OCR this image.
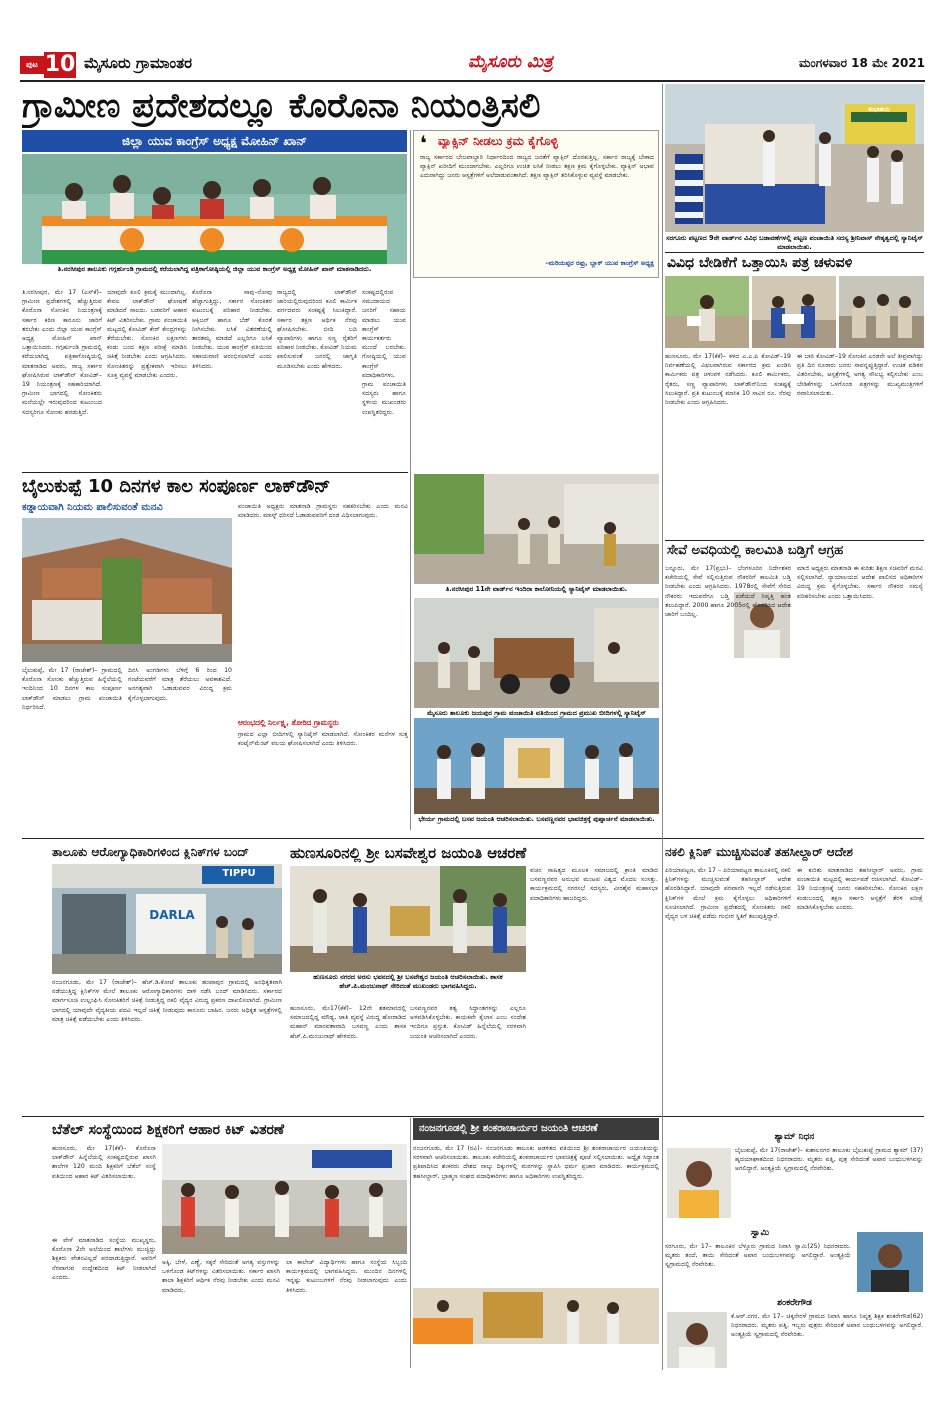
ಪುಟ 10 ಮೈಸೂರು ಗ್ರಾಮಾಂತರ	ಮೈಸೂರು ಮಿತ್ರ	ಮಂಗಳವಾರ 18 ಮೇ 2021
ಗ್ರಾಮೀಣ ಪ್ರದೇಶದಲ್ಲೂ ಕೊರೊನಾ ನಿಯಂತ್ರಿಸಲಿ
ಜಿಲ್ಲಾ ಯುವ ಕಾಂಗ್ರೆಸ್ ಅಧ್ಯಕ್ಷ ಮೋಹಿನ್ ಖಾನ್
ತಿ.ನರಸೀಪುರ ತಾಲೂಕು ಗಗ್ಗರ್ಹುಂಡಿ ಗ್ರಾಮದಲ್ಲಿ ಕರೆಯಲಾಗಿದ್ದ ಪತ್ರಿಕಾಗೋಷ್ಠಿಯಲ್ಲಿ ಜಿಲ್ಲಾ ಯುವ ಕಾಂಗ್ರೆಸ್ ಅಧ್ಯಕ್ಷ ಮೋಹಿನ್ ಖಾನ್ ಮಾತನಾಡಿದರು.
ತಿ.ನರಸೀಪುರ, ಮೇ 17 (ಎಸ್‌ಕೆ)– ಗ್ರಾಮೀಣ ಪ್ರದೇಶಗಳಲ್ಲಿ ಹೆಚ್ಚುತ್ತಿರುವ ಕೊರೊನಾ ಸೋಂಕಿನ ನಿಯಂತ್ರಣಕ್ಕೆ ಸರ್ಕಾರ ಕಠಿಣ ಕಾನೂನು ಜಾರಿಗೆ ತರಬೇಕು ಎಂದು ಜಿಲ್ಲಾ ಯುವ ಕಾಂಗ್ರೆಸ್ ಅಧ್ಯಕ್ಷ ಮೋಹಿನ್ ಖಾನ್ ಒತ್ತಾಯಿಸಿದರು. ಗಗ್ಗರ್ಹುಂಡಿ ಗ್ರಾಮದಲ್ಲಿ ಕರೆಯಲಾಗಿದ್ದ ಪತ್ರಿಕಾಗೋಷ್ಠಿಯಲ್ಲಿ ಮಾತನಾಡಿದ ಅವರು, ರಾಜ್ಯ ಸರ್ಕಾರ ಘೋಷಿಸಿರುವ ಲಾಕ್‌ಡೌನ್ ಕೋವಿಡ್–19 ನಿಯಂತ್ರಣಕ್ಕೆ ಸಹಕಾರಿಯಾಗಿದೆ. ಗ್ರಾಮೀಣ ಭಾಗದಲ್ಲಿ ಸೋಂಕಿತರು ಮನೆಯಲ್ಲೇ ಇರುವುದರಿಂದ ಕುಟುಂಬದ ಸದಸ್ಯರಿಗೂ ಸೋಂಕು ಹರಡುತ್ತಿದೆ.
ಯಾವುದೇ ಕೂಲಿ ಕ್ರಮಕ್ಕೆ ಮುಂದಾಗಿಲ್ಲ. ಕೇವಲ ಲಾಕ್‌ಡೌನ್ ಘೋಷಣೆ ಮಾಡಿದರೆ ಸಾಲದು. ಬಡವರಿಗೆ ಆಹಾರ ಕಿಟ್ ವಿತರಿಸಬೇಕು. ಗ್ರಾಮ ಪಂಚಾಯಿತಿ ಮಟ್ಟದಲ್ಲಿ ಕೋವಿಡ್ ಕೇರ್ ಕೇಂದ್ರಗಳನ್ನು ತೆರೆಯಬೇಕು. ಸೋಂಕಿನ ಲಕ್ಷಣಗಳು ಕಂಡು ಬಂದ ತಕ್ಷಣ ಪರೀಕ್ಷೆ ಮಾಡಿಸಿ ಚಿಕಿತ್ಸೆ ನೀಡಬೇಕು ಎಂದು ಆಗ್ರಹಿಸಿದರು. ಸೋಂಕಿತರನ್ನು ಪ್ರತ್ಯೇಕವಾಗಿ ಇರಿಸಲು ಸೂಕ್ತ ವ್ಯವಸ್ಥೆ ಮಾಡಬೇಕು ಎಂದರು.
ಕೊರೊನಾ ಸಾವು–ನೋವು ಹೆಚ್ಚಾಗುತ್ತಿದ್ದು, ಸರ್ಕಾರ ಸೋಂಕಿತರ ಕುಟುಂಬಕ್ಕೆ ಪರಿಹಾರ ನೀಡಬೇಕು. ಆಕ್ಸಿಜನ್ ಹಾಗೂ ಬೆಡ್ ಕೊರತೆ ನೀಗಿಸಬೇಕು. ಲಸಿಕೆ ವಿತರಣೆಯಲ್ಲಿ ತಾರತಮ್ಯ ಮಾಡದೆ ಎಲ್ಲರಿಗೂ ಲಸಿಕೆ ನೀಡಬೇಕು. ಯುವ ಕಾಂಗ್ರೆಸ್ ವತಿಯಿಂದ ಸಹಾಯವಾಣಿ ಆರಂಭಿಸಲಾಗಿದೆ ಎಂದು ತಿಳಿಸಿದರು.
ರಾಜ್ಯದಲ್ಲಿ ಲಾಕ್‌ಡೌನ್ ಜಾರಿಯಲ್ಲಿರುವುದರಿಂದ ಕೂಲಿ ಕಾರ್ಮಿಕ ವರ್ಗದವರು ಸಂಕಷ್ಟಕ್ಕೆ ಸಿಲುಕಿದ್ದಾರೆ. ಸರ್ಕಾರ ತಕ್ಷಣ ಆರ್ಥಿಕ ನೆರವು ಘೋಷಿಸಬೇಕು. ಬೀದಿ ಬದಿ ವ್ಯಾಪಾರಿಗಳು ಹಾಗೂ ಸಣ್ಣ ರೈತರಿಗೆ ಪರಿಹಾರ ನೀಡಬೇಕು. ಕೋವಿಡ್ ನಿಯಮ ಪಾಲಿಸುವಂತೆ ಜನರಲ್ಲಿ ಜಾಗೃತಿ ಮೂಡಿಸಬೇಕು ಎಂದು ಹೇಳಿದರು.
ಸಂಕಷ್ಟದಲ್ಲಿರುವ ಸಮುದಾಯದ ಜನರಿಗೆ ಸಹಾಯ ಮಾಡಲು ಯುವ ಕಾಂಗ್ರೆಸ್ ಕಾರ್ಯಕರ್ತರು ಮುಂದೆ ಬರಬೇಕು. ಗೋಷ್ಠಿಯಲ್ಲಿ ಯುವ ಕಾಂಗ್ರೆಸ್ ಪದಾಧಿಕಾರಿಗಳು, ಗ್ರಾಮ ಪಂಚಾಯಿತಿ ಸದಸ್ಯರು ಹಾಗೂ ಸ್ಥಳೀಯ ಮುಖಂಡರು ಉಪಸ್ಥಿತರಿದ್ದರು.
❛ ವ್ಯಾಕ್ಸಿನ್ ನೀಡಲು ಕ್ರಮ ಕೈಗೊಳ್ಳಿ
ರಾಜ್ಯ ಸರ್ಕಾರದ ಬೇಜವಾಬ್ದಾರಿ ನಿರ್ಧಾರದಿಂದ ರಾಜ್ಯದ ಜನತೆಗೆ ವ್ಯಾಕ್ಸಿನ್ ದೊರಕುತ್ತಿಲ್ಲ. ಸರ್ಕಾರ ರಾಜ್ಯಕ್ಕೆ ಬೇಕಾದ ವ್ಯಾಕ್ಸಿನ್ ಖರೀದಿಗೆ ಮುಂದಾಗಬೇಕು. ಎಲ್ಲರಿಗೂ ಉಚಿತ ಲಸಿಕೆ ನೀಡಲು ತಕ್ಷಣ ಕ್ರಮ ಕೈಗೊಳ್ಳಬೇಕು. ವ್ಯಾಕ್ಸಿನ್ ಅಭಾವ ಎದುರಾಗಿದ್ದು ಜನರು ಆಸ್ಪತ್ರೆಗಳಿಗೆ ಅಲೆದಾಡುವಂತಾಗಿದೆ. ತಕ್ಷಣ ವ್ಯಾಕ್ಸಿನ್ ತರಿಸಿಕೊಳ್ಳುವ ವ್ಯವಸ್ಥೆ ಮಾಡಬೇಕು.
–ಮರಿಯಪ್ಪರ ರಫ್ರು, ಬ್ಲಾಕ್ ಯುವ ಕಾಂಗ್ರೆಸ್ ಅಧ್ಯಕ್ಷ
ಶುಭಾಶಯ
ಸರಗೂರು ಪಟ್ಟಣದ 9ನೇ ವಾರ್ಡ್‌ನ ವಿವಿಧ ಬಡಾವಣೆಗಳಲ್ಲಿ ಪಟ್ಟಣ ಪಂಚಾಯಿತಿ ಸದಸ್ಯ ಶ್ರೀನಿವಾಸ್ ನೇತೃತ್ವದಲ್ಲಿ ಸ್ಯಾನಿಟೈಸ್ ಮಾಡಲಾಯಿತು.
ವಿವಿಧ ಬೇಡಿಕೆಗೆ ಒತ್ತಾಯಿಸಿ ಪತ್ರ ಚಳುವಳಿ
ಹುಣಸೂರು, ಮೇ 17(ಕೆಕೆ)– ಕಳದ ಎ.ಎ.ಪಿ ಕೋವಿಡ್–19 ನಿರ್ವಹಣೆಯಲ್ಲಿ ವಿಫಲವಾಗಿರುವ ಸರ್ಕಾರದ ಕ್ರಮ ಖಂಡಿಸಿ ಕಾರ್ಮಿಕರು ಪತ್ರ ಚಳುವಳಿ ನಡೆಸಿದರು. ಕೂಲಿ ಕಾರ್ಮಿಕರು, ರೈತರು, ಸಣ್ಣ ವ್ಯಾಪಾರಿಗಳು ಲಾಕ್‌ಡೌನ್‌ನಿಂದ ಸಂಕಷ್ಟಕ್ಕೆ ಸಿಲುಕಿದ್ದಾರೆ. ಪ್ರತಿ ಕುಟುಂಬಕ್ಕೆ ಮಾಸಿಕ 10 ಸಾವಿರ ರೂ. ನೆರವು ನೀಡಬೇಕು ಎಂದು ಆಗ್ರಹಿಸಿದರು.
ಈ ಬಾರಿ ಕೋವಿಡ್–19 ಸೋಂಕಿನ ಎರಡನೇ ಅಲೆ ತೀವ್ರವಾಗಿದ್ದು ಪ್ರತಿ ದಿನ ನೂರಾರು ಜನರು ಸಾವನ್ನಪ್ಪುತ್ತಿದ್ದಾರೆ. ಉಚಿತ ಪಡಿತರ ವಿತರಿಸಬೇಕು, ಆಸ್ಪತ್ರೆಗಳಲ್ಲಿ ಅಗತ್ಯ ಸೌಲಭ್ಯ ಕಲ್ಪಿಸಬೇಕು ಎಂಬ ಬೇಡಿಕೆಗಳನ್ನು ಒಳಗೊಂಡ ಪತ್ರಗಳನ್ನು ಮುಖ್ಯಮಂತ್ರಿಗಳಿಗೆ ರವಾನಿಸಲಾಯಿತು.
ಬೈಲುಕುಪ್ಪೆ 10 ದಿನಗಳ ಕಾಲ ಸಂಪೂರ್ಣ ಲಾಕ್‌ಡೌನ್
ಕಡ್ಡಾಯವಾಗಿ ನಿಯಮ ಪಾಲಿಸುವಂತೆ ಮನವಿ
ಬೈಲುಕುಪ್ಪೆ, ಮೇ 17 (ರಾಜೇಶ್)– ಗ್ರಾಮದಲ್ಲಿ ಕೊರೊನಾ ಸೋಂಕು ಹೆಚ್ಚುತ್ತಿರುವ ಹಿನ್ನೆಲೆಯಲ್ಲಿ ಇಂದಿನಿಂದ 10 ದಿನಗಳ ಕಾಲ ಸಂಪೂರ್ಣ ಲಾಕ್‌ಡೌನ್ ಮಾಡಲು ಗ್ರಾಮ ಪಂಚಾಯಿತಿ ನಿರ್ಧರಿಸಿದೆ.
ದಿನಸಿ ಅಂಗಡಿಗಳು ಬೆಳಿಗ್ಗೆ 6 ರಿಂದ 10 ಗಂಟೆಯವರೆಗೆ ಮಾತ್ರ ತೆರೆಯಲು ಅವಕಾಶವಿದೆ. ಅನಗತ್ಯವಾಗಿ ಓಡಾಡುವವರ ವಿರುದ್ಧ ಕ್ರಮ ಕೈಗೊಳ್ಳಲಾಗುವುದು.
ಪಂಚಾಯಿತಿ ಅಧ್ಯಕ್ಷರು ಮಾತನಾಡಿ ಗ್ರಾಮಸ್ಥರು ಸಹಕರಿಸಬೇಕು ಎಂದು ಮನವಿ ಮಾಡಿದರು. ಮಾಸ್ಕ್ ಧರಿಸದೆ ಓಡಾಡುವವರಿಗೆ ದಂಡ ವಿಧಿಸಲಾಗುವುದು.
ಆರಂಭದಲ್ಲಿ ನಿರ್ಲಕ್ಷ್ಯ, ತೋರಿದ ಗ್ರಾಮಸ್ಥರು
ಗ್ರಾಮದ ಎಲ್ಲಾ ಬೀದಿಗಳಲ್ಲಿ ಸ್ಯಾನಿಟೈಸ್ ಮಾಡಲಾಗಿದೆ. ಸೋಂಕಿತರ ಮನೆಗಳ ಸುತ್ತ ಕಂಟೈನ್‌ಮೆಂಟ್ ವಲಯ ಘೋಷಿಸಲಾಗಿದೆ ಎಂದು ತಿಳಿಸಿದರು.
ತಿ.ನರಸೀಪುರ 11ನೇ ವಾರ್ಡ್‌ನ ಇಂದಿರಾ ಕಾಲೋನಿಯಲ್ಲಿ ಸ್ಯಾನಿಟೈಸ್ ಮಾಡಲಾಯಿತು.
ಮೈಸೂರು ತಾಲೂಕು ಜಯಪುರ ಗ್ರಾಮ ಪಂಚಾಯಿತಿ ವತಿಯಿಂದ ಗ್ರಾಮದ ಪ್ರಮುಖ ಬೀದಿಗಳಲ್ಲಿ ಸ್ಯಾನಿಟೈಸ್
ಭೇರ್ಯ ಗ್ರಾಮದಲ್ಲಿ ಬಸವ ಜಯಂತಿ ಆಚರಿಸಲಾಯಿತು. ಬಸವಣ್ಣನವರ ಭಾವಚಿತ್ರಕ್ಕೆ ಪುಷ್ಪಾರ್ಚನೆ ಮಾಡಲಾಯಿತು.
ಸೇವೆ ಅವಧಿಯಲ್ಲಿ ಕಾಲಮಿತಿ ಬಡ್ತಿಗೆ ಆಗ್ರಹ
ಬನ್ನೂರು, ಮೇ 17(ಪ್ರಭು)– ಬೆಂಗಳೂರಿನ ನಿರ್ದೇಶಕರ ಕಚೇರಿಯಲ್ಲಿ ಸೇವೆ ಸಲ್ಲಿಸುತ್ತಿರುವ ನೌಕರರಿಗೆ ಕಾಲಮಿತಿ ಬಡ್ತಿ ನೀಡಬೇಕು ಎಂದು ಆಗ್ರಹಿಸಿದರು. 1978ರಲ್ಲಿ ಸೇವೆಗೆ ಸೇರಿದ ನೌಕರರು ಇದುವರೆಗೂ ಬಡ್ತಿ ಪಡೆಯದೆ ನಿವೃತ್ತಿ ಹಂತ ತಲುಪಿದ್ದಾರೆ. 2000 ಹಾಗೂ 2005ರಲ್ಲಿ ಹೊರಡಿಸಿದ ಆದೇಶ ಜಾರಿಗೆ ಬಂದಿಲ್ಲ.
ಮಾಜಿ ಅಧ್ಯಕ್ಷರು ಮಾತನಾಡಿ ಈ ಕುರಿತು ಶಿಕ್ಷಣ ಸಚಿವರಿಗೆ ಮನವಿ ಸಲ್ಲಿಸಲಾಗಿದೆ. ನ್ಯಾಯಾಲಯದ ಆದೇಶ ಪಾಲಿಸದ ಅಧಿಕಾರಿಗಳ ವಿರುದ್ಧ ಕ್ರಮ ಕೈಗೊಳ್ಳಬೇಕು. ಸರ್ಕಾರ ನೌಕರರ ಸಮಸ್ಯೆ ಪರಿಹರಿಸಬೇಕು ಎಂದು ಒತ್ತಾಯಿಸಿದರು.
ತಾಲೂಕು ಆರೋಗ್ಯಾಧಿಕಾರಿಗಳಿಂದ ಕ್ಲಿನಿಕ್‌ಗಳ ಬಂದ್
TIPPU
DARLA
ನಂಜನಗೂಡು, ಮೇ 17 (ರಾಜೇಶ್)– ಹೆಚ್.ಡಿ.ಕೋಟೆ ತಾಲೂಕು ಹಂಪಾಪುರ ಗ್ರಾಮದಲ್ಲಿ ಅನಧಿಕೃತವಾಗಿ ನಡೆಯುತ್ತಿದ್ದ ಕ್ಲಿನಿಕ್‌ಗಳ ಮೇಲೆ ತಾಲೂಕು ಆರೋಗ್ಯಾಧಿಕಾರಿಗಳು ದಾಳಿ ನಡೆಸಿ ಬಂದ್ ಮಾಡಿಸಿದರು. ಸರ್ಕಾರದ ಮಾರ್ಗಸೂಚಿ ಉಲ್ಲಂಘಿಸಿ ಸೋಂಕಿತರಿಗೆ ಚಿಕಿತ್ಸೆ ನೀಡುತ್ತಿದ್ದ ನಕಲಿ ವೈದ್ಯರ ವಿರುದ್ಧ ಪ್ರಕರಣ ದಾಖಲಿಸಲಾಗಿದೆ. ಗ್ರಾಮೀಣ ಭಾಗದಲ್ಲಿ ಯಾವುದೇ ವೈದ್ಯಕೀಯ ಪದವಿ ಇಲ್ಲದೆ ಚಿಕಿತ್ಸೆ ನೀಡುವುದು ಕಾನೂನು ಬಾಹಿರ. ಜನರು ಅಧಿಕೃತ ಆಸ್ಪತ್ರೆಗಳಲ್ಲಿ ಮಾತ್ರ ಚಿಕಿತ್ಸೆ ಪಡೆಯಬೇಕು ಎಂದು ತಿಳಿಸಿದರು.
ಹುಣಸೂರಿನಲ್ಲಿ ಶ್ರೀ ಬಸವೇಶ್ವರ ಜಯಂತಿ ಆಚರಣೆ
ಹುಣಸೂರು ನಗರದ ಅರಸು ಭವನದಲ್ಲಿ ಶ್ರೀ ಬಸವೇಶ್ವರ ಜಯಂತಿ ಆಚರಿಸಲಾಯಿತು. ಶಾಸಕ ಹೆಚ್.ಪಿ.ಮಂಜುನಾಥ್ ಸೇರಿದಂತೆ ಮುಖಂಡರು ಭಾಗವಹಿಸಿದ್ದರು.
ಹುಣಸೂರು, ಮೇ17(ಕೆಕೆ)– 12ನೇ ಶತಮಾನದಲ್ಲಿ ಸಮಾಜದಲ್ಲಿದ್ದ ಮೌಢ್ಯ, ಜಾತಿ ವ್ಯವಸ್ಥೆ ವಿರುದ್ಧ ಹೋರಾಡಿದ ಮಹಾನ್ ಮಾನವತಾವಾದಿ ಬಸವಣ್ಣ ಎಂದು ಶಾಸಕ ಹೆಚ್.ಪಿ.ಮಂಜುನಾಥ್ ಹೇಳಿದರು.
ಬಸವಣ್ಣನವರ ತತ್ವ ಸಿದ್ಧಾಂತಗಳನ್ನು ಎಲ್ಲರೂ ಅಳವಡಿಸಿಕೊಳ್ಳಬೇಕು. ಕಾಯಕವೇ ಕೈಲಾಸ ಎಂಬ ಸಂದೇಶ ಇಂದಿಗೂ ಪ್ರಸ್ತುತ. ಕೋವಿಡ್ ಹಿನ್ನೆಲೆಯಲ್ಲಿ ಸರಳವಾಗಿ ಜಯಂತಿ ಆಚರಿಸಲಾಗಿದೆ ಎಂದರು.
ವಚನ ಸಾಹಿತ್ಯದ ಮೂಲಕ ಸಮಾಜದಲ್ಲಿ ಕ್ರಾಂತಿ ಮಾಡಿದ ಬಸವಣ್ಣನವರ ಅನುಭವ ಮಂಟಪ ವಿಶ್ವದ ಮೊದಲ ಸಂಸತ್ತು. ಕಾರ್ಯಕ್ರಮದಲ್ಲಿ ನಗರಸಭೆ ಸದಸ್ಯರು, ವೀರಶೈವ ಮಹಾಸಭಾ ಪದಾಧಿಕಾರಿಗಳು ಹಾಜರಿದ್ದರು.
ನಕಲಿ ಕ್ಲಿನಿಕ್ ಮುಚ್ಚಿಸುವಂತೆ ತಹಸೀಲ್ದಾರ್ ಆದೇಶ
ಪಿರಿಯಾಪಟ್ಟಣ, ಮೇ 17 – ಪಿರಿಯಾಪಟ್ಟಣ ತಾಲೂಕಿನಲ್ಲಿ ನಕಲಿ ಕ್ಲಿನಿಕ್‌ಗಳನ್ನು ಮುಚ್ಚಿಸುವಂತೆ ತಹಸೀಲ್ದಾರ್ ಆದೇಶ ಹೊರಡಿಸಿದ್ದಾರೆ. ಯಾವುದೇ ಪರವಾನಗಿ ಇಲ್ಲದೆ ನಡೆಸುತ್ತಿರುವ ಕ್ಲಿನಿಕ್‌ಗಳ ಮೇಲೆ ಕ್ರಮ ಕೈಗೊಳ್ಳಲು ಅಧಿಕಾರಿಗಳಿಗೆ ಸೂಚಿಸಲಾಗಿದೆ. ಗ್ರಾಮೀಣ ಪ್ರದೇಶದಲ್ಲಿ ಸೋಂಕಿತರು ನಕಲಿ ವೈದ್ಯರ ಬಳಿ ಚಿಕಿತ್ಸೆ ಪಡೆದು ಗಂಭೀರ ಸ್ಥಿತಿಗೆ ತಲುಪುತ್ತಿದ್ದಾರೆ.
ಈ ಕುರಿತು ಮಾತನಾಡಿದ ತಹಸೀಲ್ದಾರ್ ಅವರು, ಗ್ರಾಮ ಪಂಚಾಯಿತಿ ಮಟ್ಟದಲ್ಲಿ ಕಾರ್ಯಪಡೆ ರಚಿಸಲಾಗಿದೆ. ಕೋವಿಡ್–19 ನಿಯಂತ್ರಣಕ್ಕೆ ಜನರು ಸಹಕರಿಸಬೇಕು. ಸೋಂಕಿನ ಲಕ್ಷಣ ಕಂಡುಬಂದಲ್ಲಿ ತಕ್ಷಣ ಸರ್ಕಾರಿ ಆಸ್ಪತ್ರೆಗೆ ತೆರಳಿ ಪರೀಕ್ಷೆ ಮಾಡಿಸಿಕೊಳ್ಳಬೇಕು ಎಂದರು.
ಬೆತೆಲ್ ಸಂಸ್ಥೆಯಿಂದ ಶಿಕ್ಷಕರಿಗೆ ಆಹಾರ ಕಿಟ್ ವಿತರಣೆ
ಹುಣಸೂರು, ಮೇ 17(ಕೆಕೆ)– ಕೊರೊನಾ ಲಾಕ್‌ಡೌನ್ ಹಿನ್ನೆಲೆಯಲ್ಲಿ ಸಂಕಷ್ಟದಲ್ಲಿರುವ ಖಾಸಗಿ ಶಾಲೆಗಳ 120 ಮಂದಿ ಶಿಕ್ಷಕರಿಗೆ ಬೆತೆಲ್ ಸಂಸ್ಥೆ ವತಿಯಿಂದ ಆಹಾರ ಕಿಟ್ ವಿತರಿಸಲಾಯಿತು.
ಈ ವೇಳೆ ಮಾತನಾಡಿದ ಸಂಸ್ಥೆಯ ಮುಖ್ಯಸ್ಥರು, ಕೊರೊನಾ 2ನೇ ಅಲೆಯಿಂದ ಶಾಲೆಗಳು ಮುಚ್ಚಿದ್ದು ಶಿಕ್ಷಕರು ವೇತನವಿಲ್ಲದೆ ಪರದಾಡುತ್ತಿದ್ದಾರೆ. ಅವರಿಗೆ ನೆರವಾಗುವ ಉದ್ದೇಶದಿಂದ ಕಿಟ್ ನೀಡಲಾಗಿದೆ ಎಂದರು.
ಅಕ್ಕಿ, ಬೇಳೆ, ಎಣ್ಣೆ, ಸಕ್ಕರೆ ಸೇರಿದಂತೆ ಅಗತ್ಯ ವಸ್ತುಗಳನ್ನು ಒಳಗೊಂಡ ಕಿಟ್‌ಗಳನ್ನು ವಿತರಿಸಲಾಯಿತು. ಸರ್ಕಾರ ಖಾಸಗಿ ಶಾಲಾ ಶಿಕ್ಷಕರಿಗೆ ಆರ್ಥಿಕ ನೆರವು ನೀಡಬೇಕು ಎಂದು ಮನವಿ ಮಾಡಿದರು.
ಲಾ ಕಾಲೇಜ್ ವಿದ್ಯಾರ್ಥಿಗಳು ಹಾಗೂ ಸಂಸ್ಥೆಯ ಸಿಬ್ಬಂದಿ ಕಾರ್ಯಕ್ರಮದಲ್ಲಿ ಭಾಗವಹಿಸಿದ್ದರು. ಮುಂದಿನ ದಿನಗಳಲ್ಲಿ ಇನ್ನಷ್ಟು ಕುಟುಂಬಗಳಿಗೆ ನೆರವು ನೀಡಲಾಗುವುದು ಎಂದು ತಿಳಿಸಿದರು.
ನಂಜನಗೂಡಲ್ಲಿ ಶ್ರೀ ಶಂಕರಾಚಾರ್ಯರ ಜಯಂತಿ ಆಚರಣೆ
ನಂಜನಗೂಡು, ಮೇ 17 (ರವಿ)– ನಂಜನಗೂಡು ತಾಲೂಕು ಆಡಳಿತದ ವತಿಯಿಂದ ಶ್ರೀ ಶಂಕರಾಚಾರ್ಯರ ಜಯಂತಿಯನ್ನು ಸರಳವಾಗಿ ಆಚರಿಸಲಾಯಿತು. ತಾಲೂಕು ಕಚೇರಿಯಲ್ಲಿ ಶಂಕರಾಚಾರ್ಯರ ಭಾವಚಿತ್ರಕ್ಕೆ ಪೂಜೆ ಸಲ್ಲಿಸಲಾಯಿತು. ಅದ್ವೈತ ಸಿದ್ಧಾಂತ ಪ್ರತಿಪಾದಿಸಿದ ಶಂಕರರು ದೇಶದ ನಾಲ್ಕು ದಿಕ್ಕುಗಳಲ್ಲಿ ಮಠಗಳನ್ನು ಸ್ಥಾಪಿಸಿ ಧರ್ಮ ಪ್ರಚಾರ ಮಾಡಿದರು. ಕಾರ್ಯಕ್ರಮದಲ್ಲಿ ತಹಸೀಲ್ದಾರ್, ಬ್ರಾಹ್ಮಣ ಸಂಘದ ಪದಾಧಿಕಾರಿಗಳು ಹಾಗೂ ಅಧಿಕಾರಿಗಳು ಉಪಸ್ಥಿತರಿದ್ದರು.
ಶ್ಯಾಮ್ ನಿಧನ
ಬೈಲುಕುಪ್ಪೆ, ಮೇ 17(ರಾಜೇಶ್)– ಕುಶಾಲನಗರ ತಾಲೂಕು ಬೈಲುಕುಪ್ಪೆ ಗ್ರಾಮದ ಶ್ಯಾಮ್ (37) ಹೃದಯಾಘಾತದಿಂದ ನಿಧನರಾದರು. ಮೃತರು ಪತ್ನಿ, ಪುತ್ರ ಸೇರಿದಂತೆ ಅಪಾರ ಬಂಧುಬಳಗವನ್ನು ಅಗಲಿದ್ದಾರೆ. ಅಂತ್ಯಕ್ರಿಯೆ ಸ್ವಗ್ರಾಮದಲ್ಲಿ ನೆರವೇರಿತು.
ಸ್ವಾಮಿ
ಸರಗೂರು, ಮೇ 17– ತಾಲೂಕಿನ ಬೆಳ್ತೂರು ಗ್ರಾಮದ ನಿವಾಸಿ ಸ್ವಾಮಿ(25) ನಿಧನರಾದರು. ಮೃತರು ತಂದೆ, ತಾಯಿ ಸೇರಿದಂತೆ ಅಪಾರ ಬಂಧುಬಳಗವನ್ನು ಅಗಲಿದ್ದಾರೆ. ಅಂತ್ಯಕ್ರಿಯೆ ಸ್ವಗ್ರಾಮದಲ್ಲಿ ನೆರವೇರಿತು.
ಶಂಕರೇಗೌಡ
ಕೆ.ಆರ್.ನಗರ, ಮೇ 17– ಚಿಕ್ಕನೇರಳೆ ಗ್ರಾಮದ ನಿವಾಸಿ ಹಾಗೂ ನಿವೃತ್ತ ಶಿಕ್ಷಕ ಶಂಕರೇಗೌಡ(62) ನಿಧನರಾದರು. ಮೃತರು ಪತ್ನಿ, ಇಬ್ಬರು ಪುತ್ರರು ಸೇರಿದಂತೆ ಅಪಾರ ಬಂಧುಬಳಗವನ್ನು ಅಗಲಿದ್ದಾರೆ. ಅಂತ್ಯಕ್ರಿಯೆ ಸ್ವಗ್ರಾಮದಲ್ಲಿ ನೆರವೇರಿತು.
